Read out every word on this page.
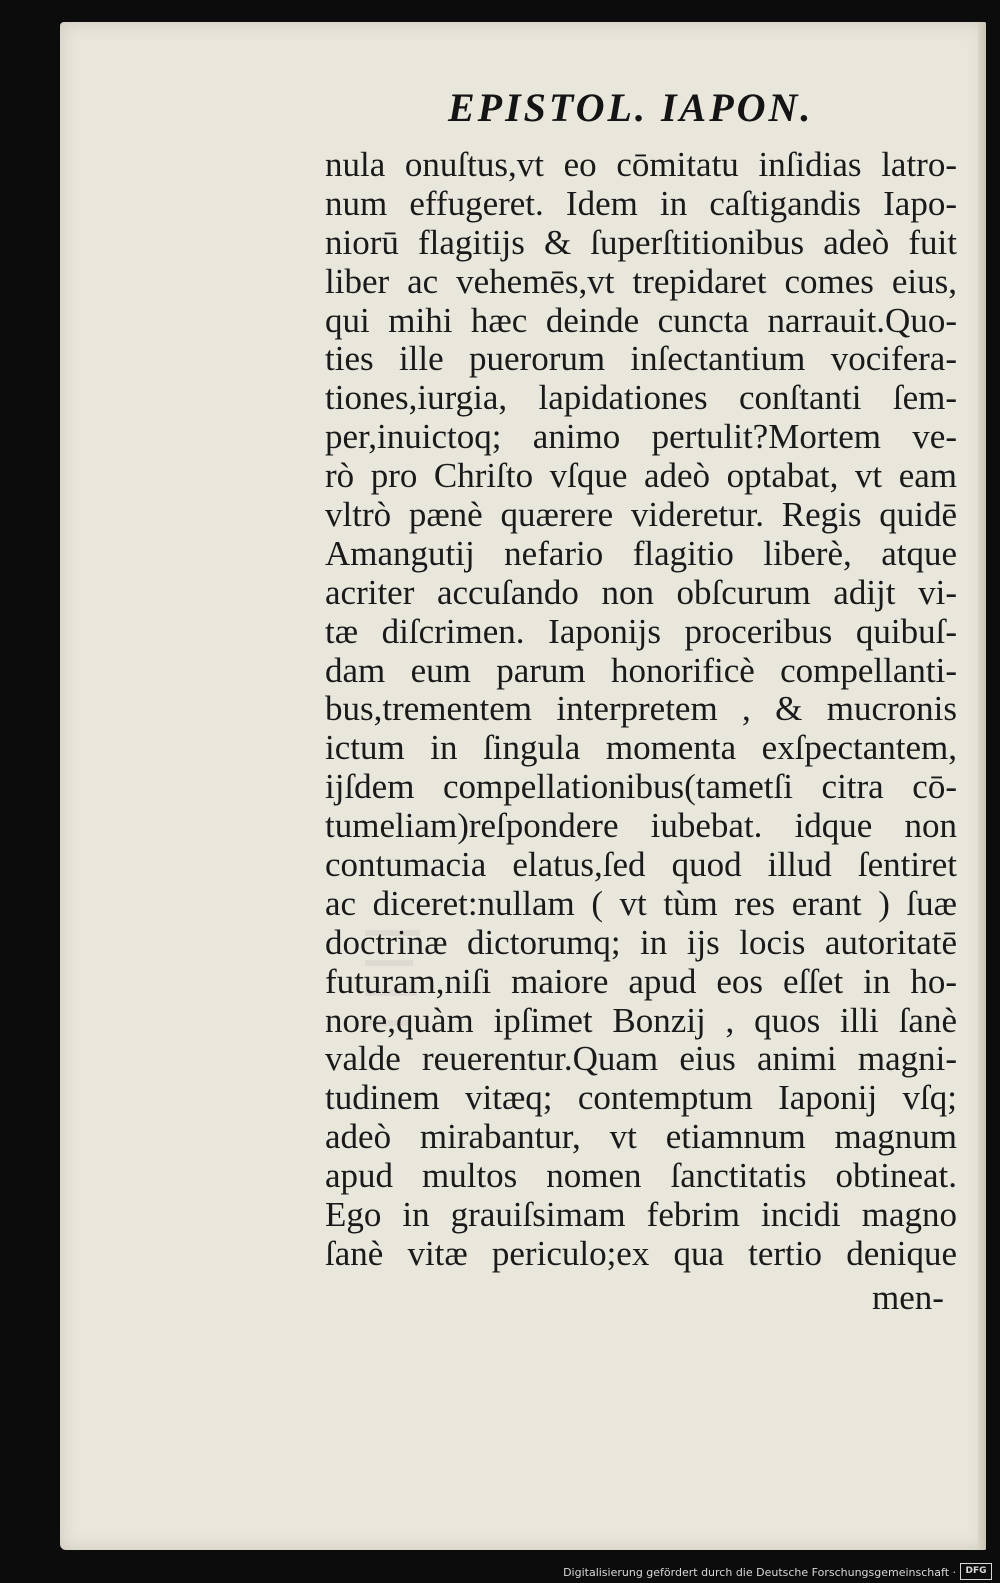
EPISTOL. IAPON.
nula onuſtus,vt eo cōmitatu inſidias latro-
num effugeret. Idem in caſtigandis Iapo-
niorū flagitijs & ſuperſtitionibus adeò fuit
liber ac vehemēs,vt trepidaret comes eius,
qui mihi hæc deinde cuncta narrauit.Quo-
ties ille puerorum inſectantium vocifera-
tiones,iurgia, lapidationes conſtanti ſem-
per,inuictoq; animo pertulit?Mortem ve-
rò pro Chriſto vſque adeò optabat, vt eam
vltrò pænè quærere videretur. Regis quidē
Amangutij nefario flagitio liberè, atque
acriter accuſando non obſcurum adijt vi-
tæ diſcrimen. Iaponijs proceribus quibuſ-
dam eum parum honorificè compellanti-
bus,trementem interpretem , & mucronis
ictum in ſingula momenta exſpectantem,
ijſdem compellationibus(tametſi citra cō-
tumeliam)reſpondere iubebat. idque non
contumacia elatus,ſed quod illud ſentiret
ac diceret:nullam ( vt tùm res erant ) ſuæ
doctrinæ dictorumq; in ijs locis autoritatē
futuram,niſi maiore apud eos eſſet in ho-
nore,quàm ipſimet Bonzij , quos illi ſanè
valde reuerentur.Quam eius animi magni-
tudinem vitæq; contemptum Iaponij vſq;
adeò mirabantur, vt etiamnum magnum
apud multos nomen ſanctitatis obtineat.
Ego in grauiſsimam febrim incidi magno
ſanè vitæ periculo;ex qua tertio denique
men-
Digitalisierung gefördert durch die Deutsche Forschungsgemeinschaft ·	DFG
